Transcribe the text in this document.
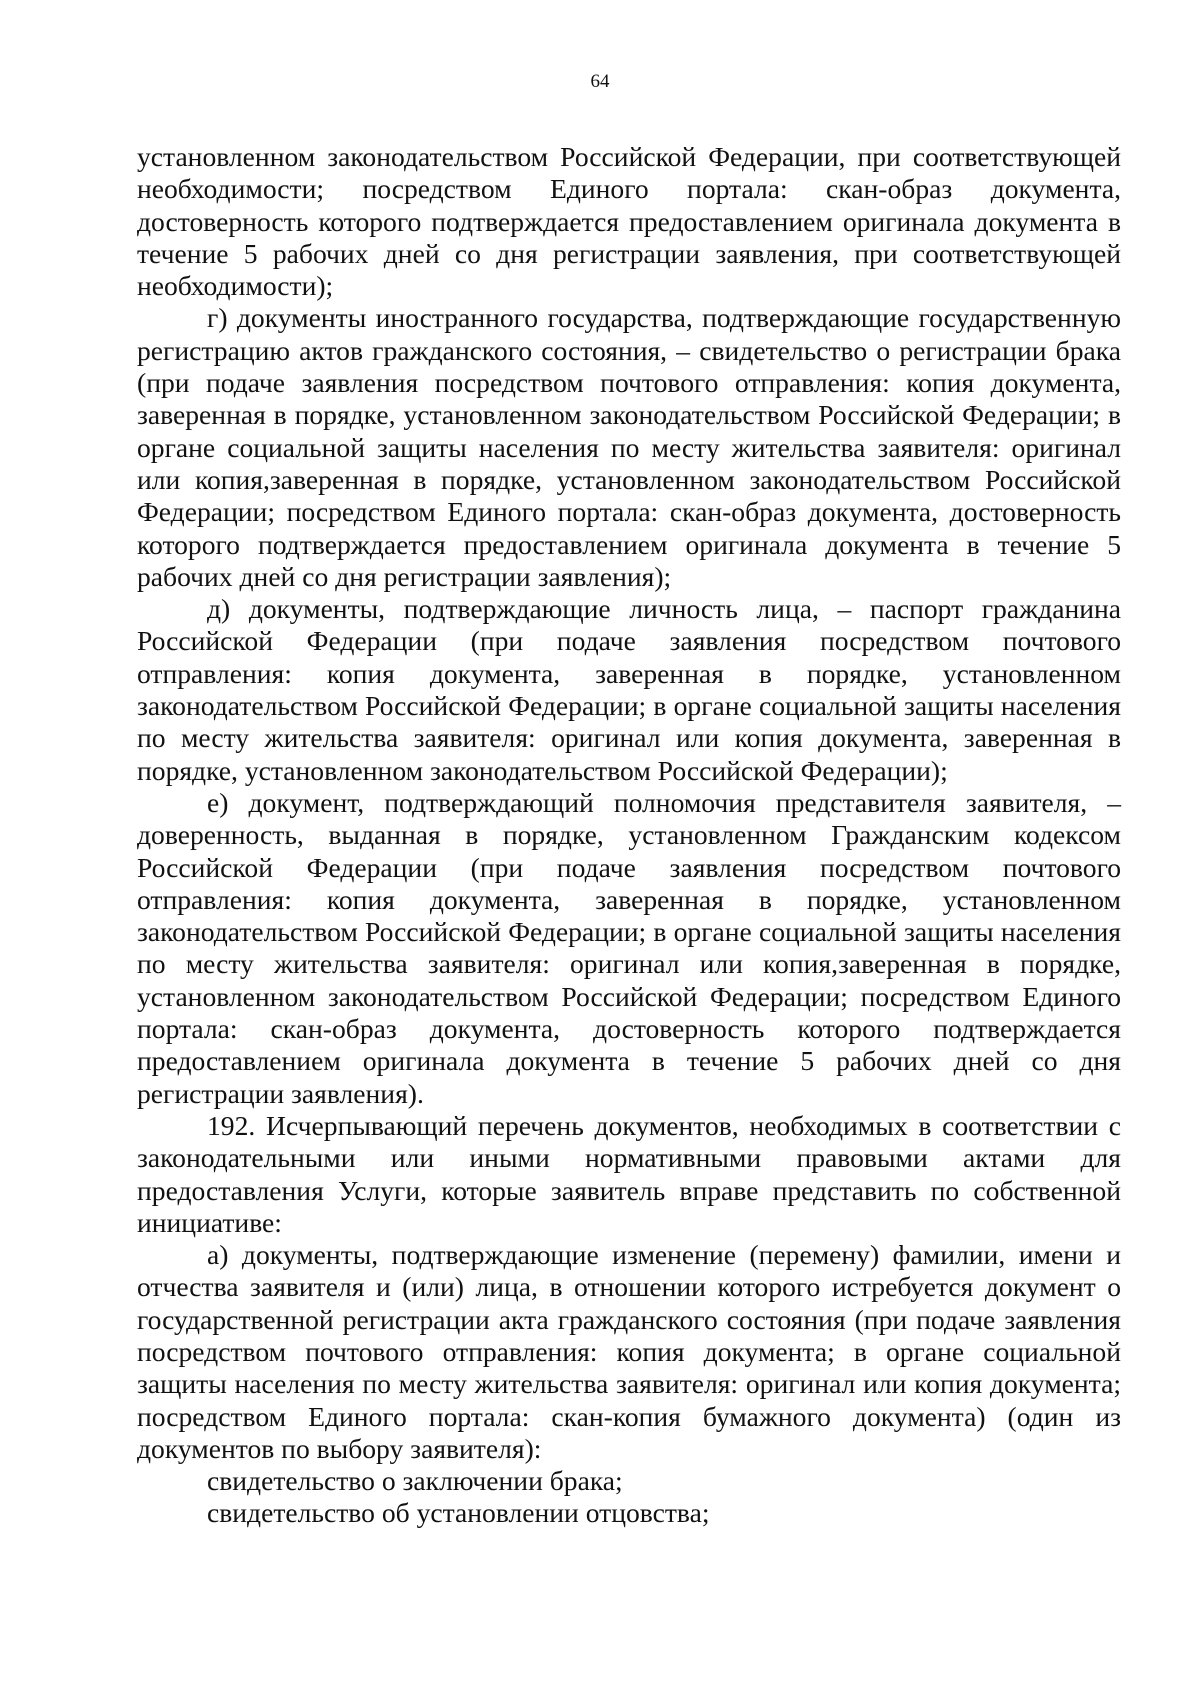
64

установленном законодательством Российской Федерации, при соответствующей необходимости; посредством Единого портала: скан-образ документа, достоверность которого подтверждается предоставлением оригинала документа в течение 5 рабочих дней со дня регистрации заявления, при соответствующей необходимости);

г) документы иностранного государства, подтверждающие государственную регистрацию актов гражданского состояния, – свидетельство о регистрации брака (при подаче заявления посредством почтового отправления: копия документа, заверенная в порядке, установленном законодательством Российской Федерации; в органе социальной защиты населения по месту жительства заявителя: оригинал или копия,заверенная в порядке, установленном законодательством Российской Федерации; посредством Единого портала: скан-образ документа, достоверность которого подтверждается предоставлением оригинала документа в течение 5 рабочих дней со дня регистрации заявления);

д) документы, подтверждающие личность лица, – паспорт гражданина Российской Федерации (при подаче заявления посредством почтового отправления: копия документа, заверенная в порядке, установленном законодательством Российской Федерации; в органе социальной защиты населения по месту жительства заявителя: оригинал или копия документа, заверенная в порядке, установленном законодательством Российской Федерации);

е) документ, подтверждающий полномочия представителя заявителя, – доверенность, выданная в порядке, установленном Гражданским кодексом Российской Федерации (при подаче заявления посредством почтового отправления: копия документа, заверенная в порядке, установленном законодательством Российской Федерации; в органе социальной защиты населения по месту жительства заявителя: оригинал или копия,заверенная в порядке, установленном законодательством Российской Федерации; посредством Единого портала: скан-образ документа, достоверность которого подтверждается предоставлением оригинала документа в течение 5 рабочих дней со дня регистрации заявления).

192. Исчерпывающий перечень документов, необходимых в соответствии с законодательными или иными нормативными правовыми актами для предоставления Услуги, которые заявитель вправе представить по собственной инициативе:

а) документы, подтверждающие изменение (перемену) фамилии, имени и отчества заявителя и (или) лица, в отношении которого истребуется документ о государственной регистрации акта гражданского состояния (при подаче заявления посредством почтового отправления: копия документа; в органе социальной защиты населения по месту жительства заявителя: оригинал или копия документа; посредством Единого портала: скан-копия бумажного документа) (один из документов по выбору заявителя):

свидетельство о заключении брака;

свидетельство об установлении отцовства;
